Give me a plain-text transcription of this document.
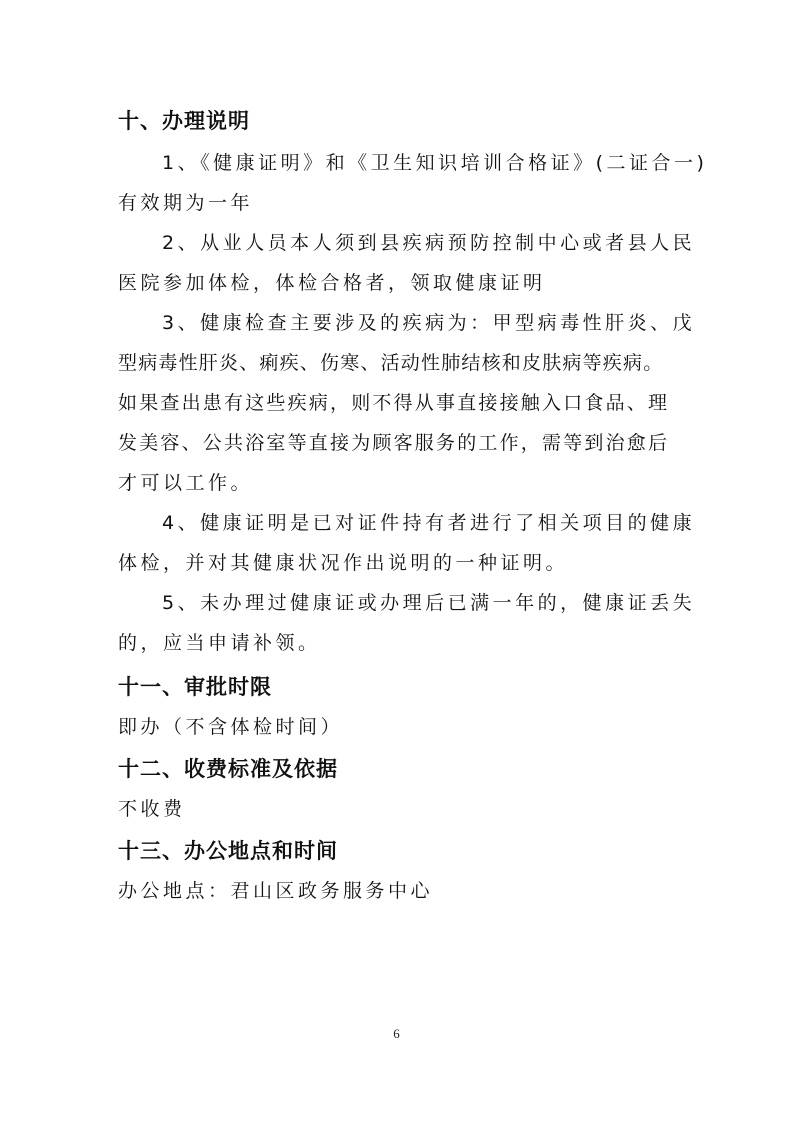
十、办理说明

1、《健康证明》和《卫生知识培训合格证》(二证合一)
有效期为一年

2、从业人员本人须到县疾病预防控制中心或者县人民
医院参加体检，体检合格者，领取健康证明

3、健康检查主要涉及的疾病为：甲型病毒性肝炎、戊
型病毒性肝炎、痢疾、伤寒、活动性肺结核和皮肤病等疾病。
如果查出患有这些疾病，则不得从事直接接触入口食品、理
发美容、公共浴室等直接为顾客服务的工作，需等到治愈后
才可以工作。

4、健康证明是已对证件持有者进行了相关项目的健康
体检，并对其健康状况作出说明的一种证明。

5、未办理过健康证或办理后已满一年的，健康证丢失
的，应当申请补领。

十一、审批时限

即办（不含体检时间）

十二、收费标准及依据

不收费

十三、办公地点和时间

办公地点：君山区政务服务中心

6
